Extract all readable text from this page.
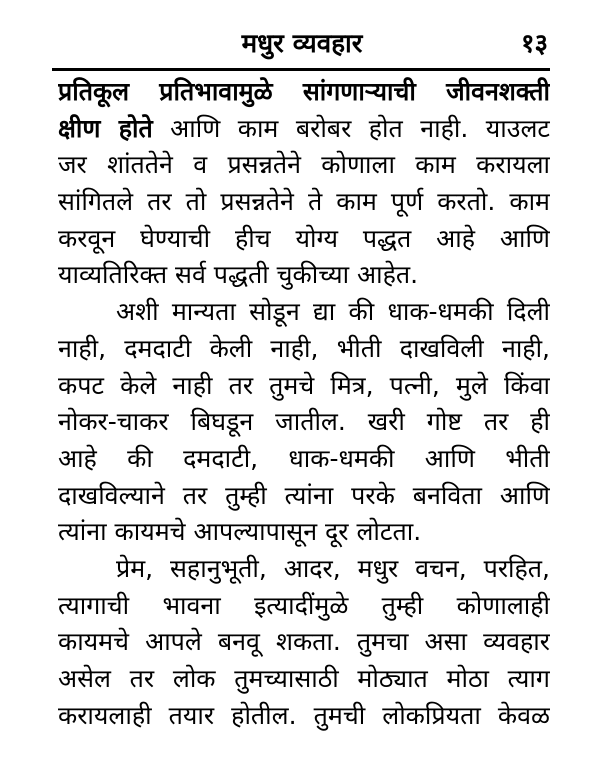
मधुर व्यवहार	१३
प्रतिकूल प्रतिभावामुळे सांगणाऱ्याची जीवनशक्ती
क्षीण होते आणि काम बरोबर होत नाही. याउलट
जर शांततेने व प्रसन्नतेने कोणाला काम करायला
सांगितले तर तो प्रसन्नतेने ते काम पूर्ण करतो. काम
करवून घेण्याची हीच योग्य पद्धत आहे आणि
याव्यतिरिक्त सर्व पद्धती चुकीच्या आहेत.
अशी मान्यता सोडून द्या की धाक-धमकी दिली
नाही, दमदाटी केली नाही, भीती दाखविली नाही,
कपट केले नाही तर तुमचे मित्र, पत्नी, मुले किंवा
नोकर-चाकर बिघडून जातील. खरी गोष्ट तर ही
आहे की दमदाटी, धाक-धमकी आणि भीती
दाखविल्याने तर तुम्ही त्यांना परके बनविता आणि
त्यांना कायमचे आपल्यापासून दूर लोटता.
प्रेम, सहानुभूती, आदर, मधुर वचन, परहित,
त्यागाची भावना इत्यादींमुळे तुम्ही कोणालाही
कायमचे आपले बनवू शकता. तुमचा असा व्यवहार
असेल तर लोक तुमच्यासाठी मोठ्यात मोठा त्याग
करायलाही तयार होतील. तुमची लोकप्रियता केवळ
